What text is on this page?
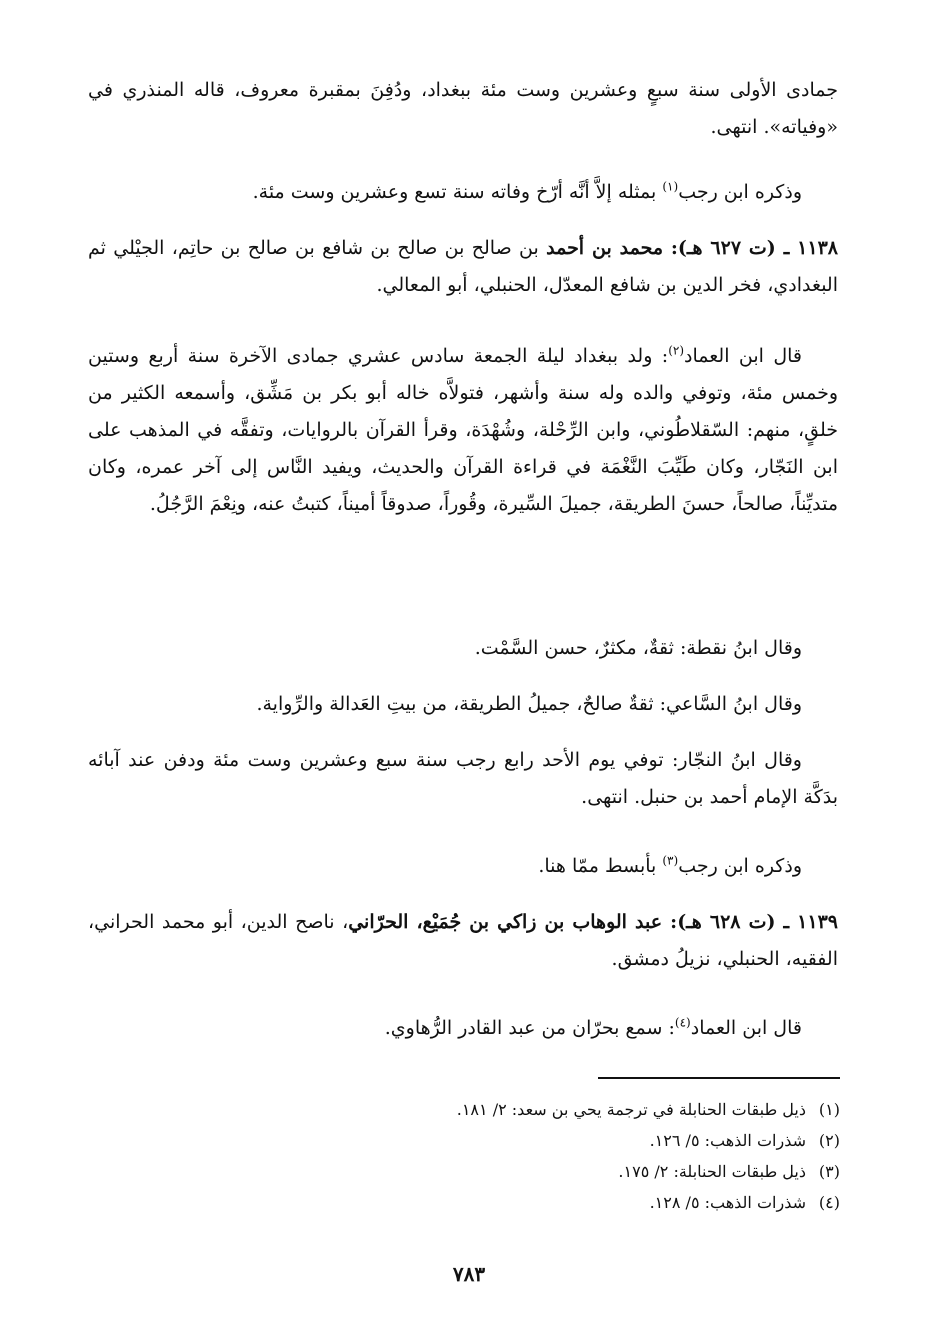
جمادى الأولى سنة سبعٍ وعشرين وست مئة ببغداد، ودُفِنَ بمقبرة معروف، قاله المنذري في «وفياته». انتهى.
وذكره ابن رجب$^{(١)}$ بمثله إلاَّ أنَّه أرّخ وفاته سنة تسع وعشرين وست مئة.
١١٣٨ ـ (ت ٦٢٧ هـ): محمد بن أحمد بن صالح بن صالح بن شافع بن صالح بن حاتِم، الجيْلي ثم البغدادي، فخر الدين بن شافع المعدّل، الحنبلي، أبو المعالي.
قال ابن العماد$^{(٢)}$: ولد ببغداد ليلة الجمعة سادس عشري جمادى الآخرة سنة أربع وستين وخمس مئة، وتوفي والده وله سنة وأشهر، فتولاَّه خاله أبو بكر بن مَشِّق، وأسمعه الكثير من خلقٍ، منهم: السّقلاطُوني، وابن الرِّحْلة، وشُهْدَة، وقرأ القرآن بالروايات، وتفقَّه في المذهب على ابن النَجّار، وكان طَيِّبَ النَّغْمَة في قراءة القرآن والحديث، ويفيد النَّاس إلى آخر عمره، وكان متديِّناً، صالحاً، حسنَ الطريقة، جميلَ السِّيرة، وقُوراً، صدوقاً أميناً، كتبتُ عنه، ونِعْمَ الرَّجُلُ.
وقال ابنُ نقطة: ثقةٌ، مكثرٌ، حسن السَّمْت.
وقال ابنُ السَّاعي: ثقةٌ صالحٌ، جميلُ الطريقة، من بيتِ العَدالة والرِّواية.
وقال ابنُ النجّار: توفي يوم الأحد رابع رجب سنة سبع وعشرين وست مئة ودفن عند آبائه بدَكَّة الإمام أحمد بن حنبل. انتهى.
وذكره ابن رجب$^{(٣)}$ بأبسط ممّا هنا.
١١٣٩ ـ (ت ٦٢٨ هـ): عبد الوهاب بن زاكي بن جُمَيْع، الحرّاني، ناصح الدين، أبو محمد الحراني، الفقيه، الحنبلي، نزيلُ دمشق.
قال ابن العماد$^{(٤)}$: سمع بحرّان من عبد القادر الرُّهاوي.
(١)ذيل طبقات الحنابلة في ترجمة يحي بن سعد: ٢/ ١٨١.
(٢)شذرات الذهب: ٥/ ١٢٦.
(٣)ذيل طبقات الحنابلة: ٢/ ١٧٥.
(٤)شذرات الذهب: ٥/ ١٢٨.
٧٨٣
